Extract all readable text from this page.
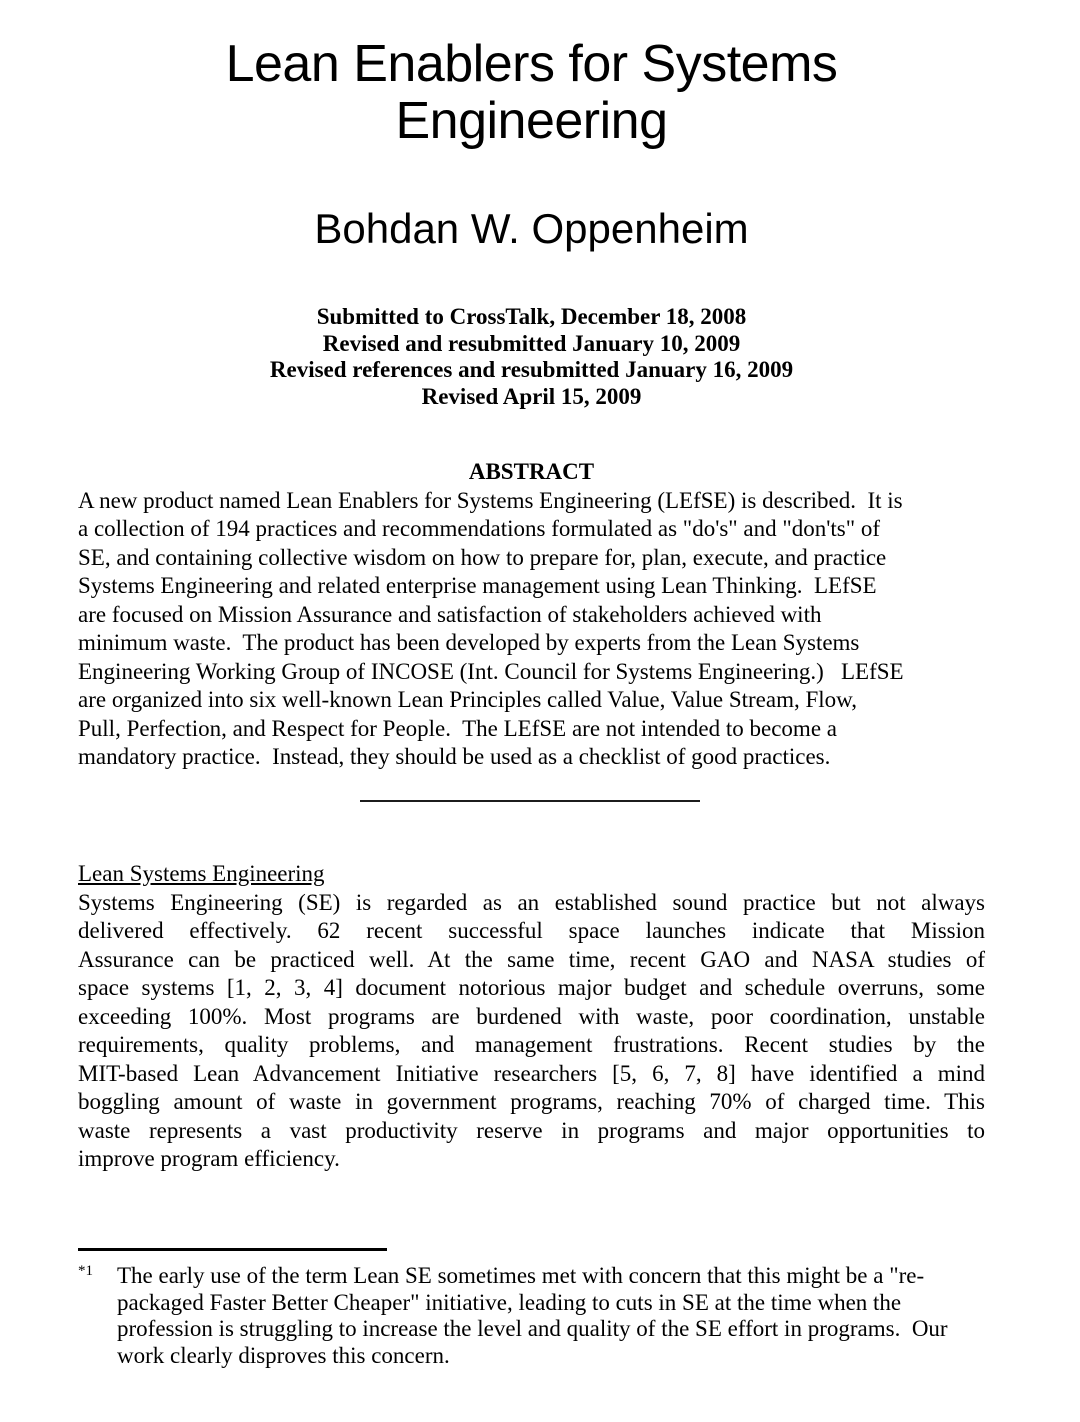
Lean Enablers for Systems
Engineering
Bohdan W. Oppenheim
Submitted to CrossTalk, December 18, 2008
Revised and resubmitted January 10, 2009
Revised references and resubmitted January 16, 2009
Revised April 15, 2009
ABSTRACT
A new product named Lean Enablers for Systems Engineering (LEfSE) is described.  It is
a collection of 194 practices and recommendations formulated as "do's" and "don'ts" of
SE, and containing collective wisdom on how to prepare for, plan, execute, and practice
Systems Engineering and related enterprise management using Lean Thinking.  LEfSE
are focused on Mission Assurance and satisfaction of stakeholders achieved with
minimum waste.  The product has been developed by experts from the Lean Systems
Engineering Working Group of INCOSE (Int. Council for Systems Engineering.)   LEfSE
are organized into six well-known Lean Principles called Value, Value Stream, Flow,
Pull, Perfection, and Respect for People.  The LEfSE are not intended to become a
mandatory practice.  Instead, they should be used as a checklist of good practices.
Lean Systems Engineering
Systems Engineering (SE) is regarded as an established sound practice but not always
delivered effectively. 62 recent successful space launches indicate that Mission
Assurance can be practiced well. At the same time, recent GAO and NASA studies of
space systems [1, 2, 3, 4] document notorious major budget and schedule overruns, some
exceeding 100%. Most programs are burdened with waste, poor coordination, unstable
requirements, quality problems, and management frustrations. Recent studies by the
MIT-based Lean Advancement Initiative researchers [5, 6, 7, 8] have identified a mind
boggling amount of waste in government programs, reaching 70% of charged time. This
waste represents a vast productivity reserve in programs and major opportunities to
improve program efficiency.
*1 The early use of the term Lean SE sometimes met with concern that this might be a "re-
packaged Faster Better Cheaper" initiative, leading to cuts in SE at the time when the
profession is struggling to increase the level and quality of the SE effort in programs.  Our
work clearly disproves this concern.
